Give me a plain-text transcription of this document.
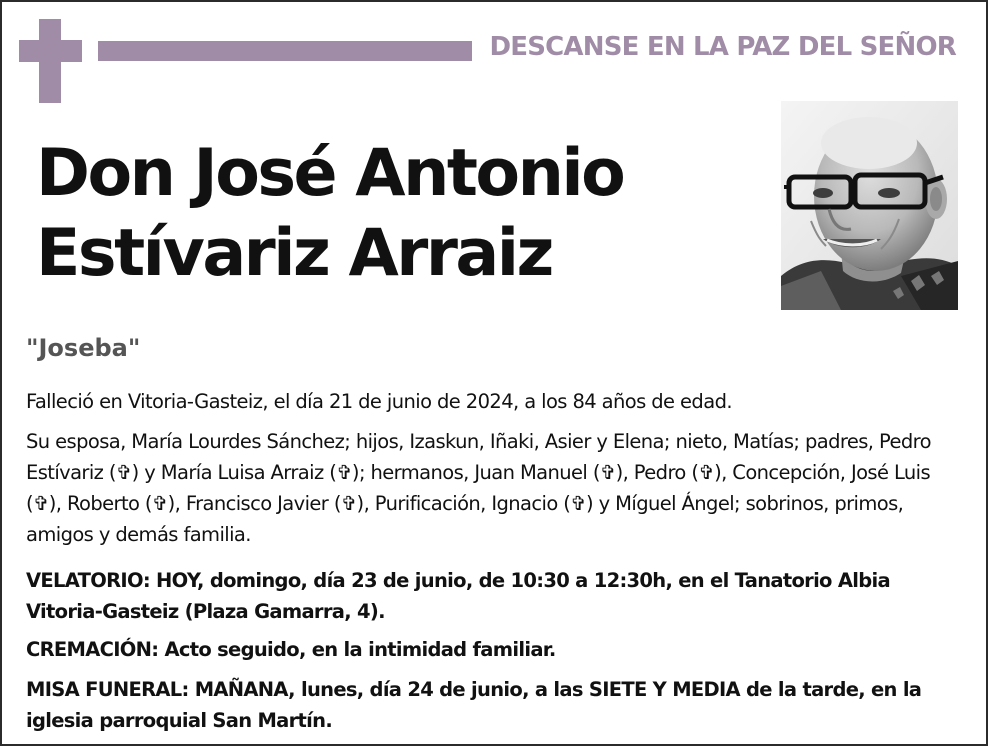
DESCANSE EN LA PAZ DEL SEÑOR
Don José Antonio
Estívariz Arraiz
"Joseba"

Falleció en Vitoria-Gasteiz, el día 21 de junio de 2024, a los 84 años de edad.

Su esposa, María Lourdes Sánchez; hijos, Izaskun, Iñaki, Asier y Elena; nieto, Matías; padres, Pedro Estívariz (✞) y María Luisa Arraiz (✞); hermanos, Juan Manuel (✞), Pedro (✞), Concepción, José Luis (✞), Roberto (✞), Francisco Javier (✞), Purificación, Ignacio (✞) y Míguel Ángel; sobrinos, primos, amigos y demás familia.

VELATORIO: HOY, domingo, día 23 de junio, de 10:30 a 12:30h, en el Tanatorio Albia Vitoria-Gasteiz (Plaza Gamarra, 4).

CREMACIÓN: Acto seguido, en la intimidad familiar.

MISA FUNERAL: MAÑANA, lunes, día 24 de junio, a las SIETE Y MEDIA de la tarde, en la iglesia parroquial San Martín.
